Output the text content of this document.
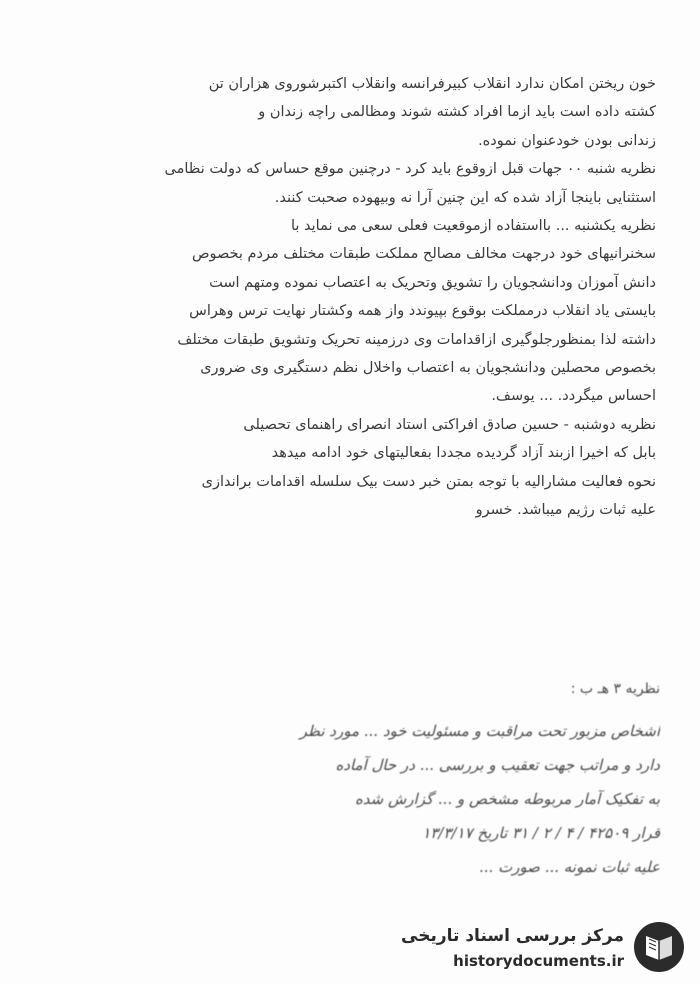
خون ریختن امکان ندارد انقلاب کبیرفرانسه وانقلاب اکتبرشوروی هزاران تن

کشته داده است باید ازما افراد کشته شوند ومظالمی راچه زندان و

زندانی بودن خودعنوان نموده.

نظریه شنبه ۰۰ جهات قبل ازوقوع باید کرد - درچنین موقع حساس که دولت نظامی

استثنایی باینجا آزاد شده که این چنین آرا نه وبیهوده صحبت کنند.

نظریه یکشنبه ... بااستفاده ازموقعیت فعلی سعی می نماید با

سخنرانیهای خود درجهت مخالف مصالح مملکت طبقات مختلف مردم بخصوص

دانش آموزان ودانشجویان را تشویق وتحریک به اعتصاب نموده ومتهم است

بایستی یاد انقلاب درمملکت بوقوع بپیوندد واز همه وکشتار نهایت ترس وهراس

داشته لذا بمنظورجلوگیری ازاقدامات وی درزمینه تحریک وتشویق طبقات مختلف

بخصوص محصلین ودانشجویان به اعتصاب واخلال نظم دستگیری وی ضروری

احساس میگردد. ... یوسف.

نظریه دوشنبه - حسین صادق افراکتی استاد انصرای راهنمای تحصیلی

بابل که اخیرا ازبند آزاد گردیده مجددا بفعالیتهای خود ادامه میدهد

نحوه فعالیت مشارالیه با توجه بمتن خبر دست بیک سلسله اقدامات براندازی

علیه ثبات رژیم میباشد. خسرو

نظریه ۳ هـ ب :

اشخاص مزبور تحت مراقبت و مسئولیت خود ... مورد نظر

دارد و مراتب جهت تعقیب و بررسی ... در حال آماده

به تفکیک آمار مربوطه مشخص و ... گزارش شده

قرار ۴۲۵۰۹ / ۴ / ۲ / ۳۱ تاریخ ۱۳/۳/۱۷

علیه ثبات نمونه ... صورت ...

مرکز بررسی اسناد تاریخی
historydocuments.ir
